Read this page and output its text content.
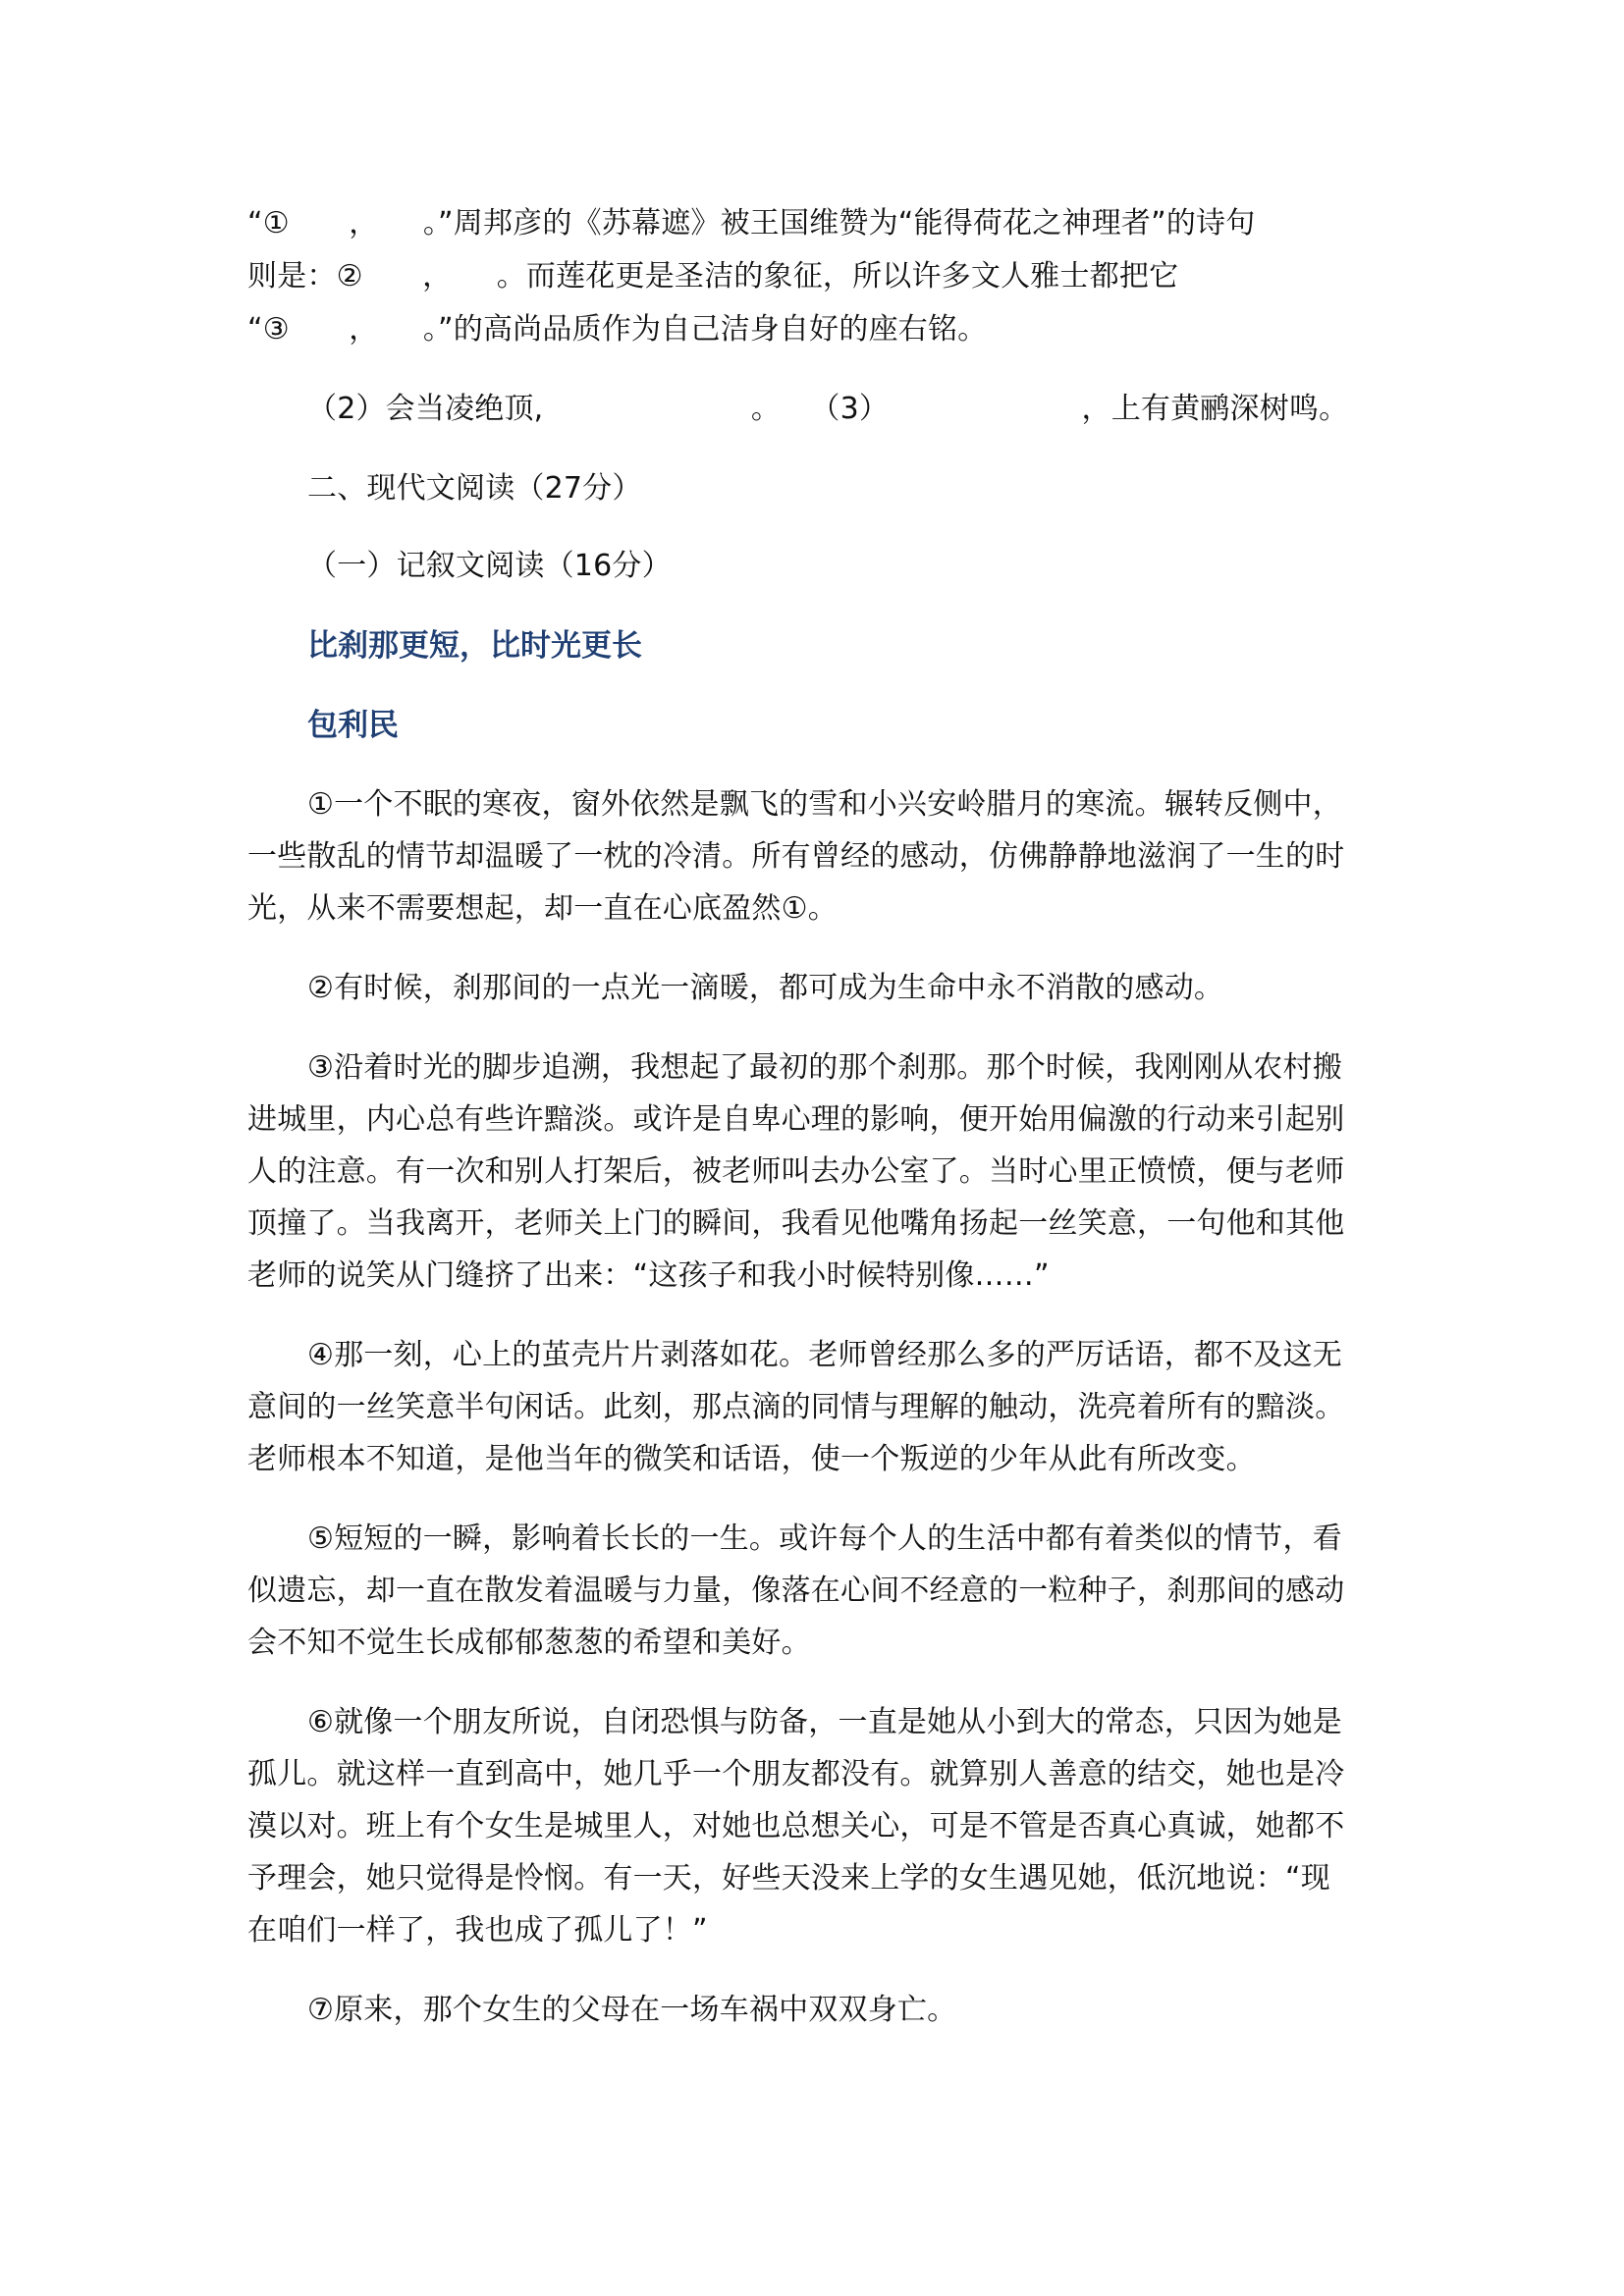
“①　　，　　。”周邦彦的《苏幕遮》被王国维赞为“能得荷花之神理者”的诗句

则是：②　　，　　。而莲花更是圣洁的象征，所以许多文人雅士都把它

“③　　，　　。”的高尚品质作为自己洁身自好的座右铭。

（2）会当凌绝顶,　　　　　　　。　　（3）　　　　　　　，上有黄鹂深树鸣。

二、现代文阅读（27分）

（一）记叙文阅读（16分）

比刹那更短，比时光更长

包利民

①一个不眠的寒夜，窗外依然是飘飞的雪和小兴安岭腊月的寒流。辗转反侧中，

一些散乱的情节却温暖了一枕的冷清。所有曾经的感动，仿佛静静地滋润了一生的时

光，从来不需要想起，却一直在心底盈然①。

②有时候，刹那间的一点光一滴暖，都可成为生命中永不消散的感动。

③沿着时光的脚步追溯，我想起了最初的那个刹那。那个时候，我刚刚从农村搬

进城里，内心总有些许黯淡。或许是自卑心理的影响，便开始用偏激的行动来引起别

人的注意。有一次和别人打架后，被老师叫去办公室了。当时心里正愤愤，便与老师

顶撞了。当我离开，老师关上门的瞬间，我看见他嘴角扬起一丝笑意，一句他和其他

老师的说笑从门缝挤了出来：“这孩子和我小时候特别像……”

④那一刻，心上的茧壳片片剥落如花。老师曾经那么多的严厉话语，都不及这无

意间的一丝笑意半句闲话。此刻，那点滴的同情与理解的触动，洗亮着所有的黯淡。

老师根本不知道，是他当年的微笑和话语，使一个叛逆的少年从此有所改变。

⑤短短的一瞬，影响着长长的一生。或许每个人的生活中都有着类似的情节，看

似遗忘，却一直在散发着温暖与力量，像落在心间不经意的一粒种子，刹那间的感动

会不知不觉生长成郁郁葱葱的希望和美好。

⑥就像一个朋友所说，自闭恐惧与防备，一直是她从小到大的常态，只因为她是

孤儿。就这样一直到高中，她几乎一个朋友都没有。就算别人善意的结交，她也是冷

漠以对。班上有个女生是城里人，对她也总想关心，可是不管是否真心真诚，她都不

予理会，她只觉得是怜悯。有一天，好些天没来上学的女生遇见她，低沉地说：“现

在咱们一样了，我也成了孤儿了！”

⑦原来，那个女生的父母在一场车祸中双双身亡。
